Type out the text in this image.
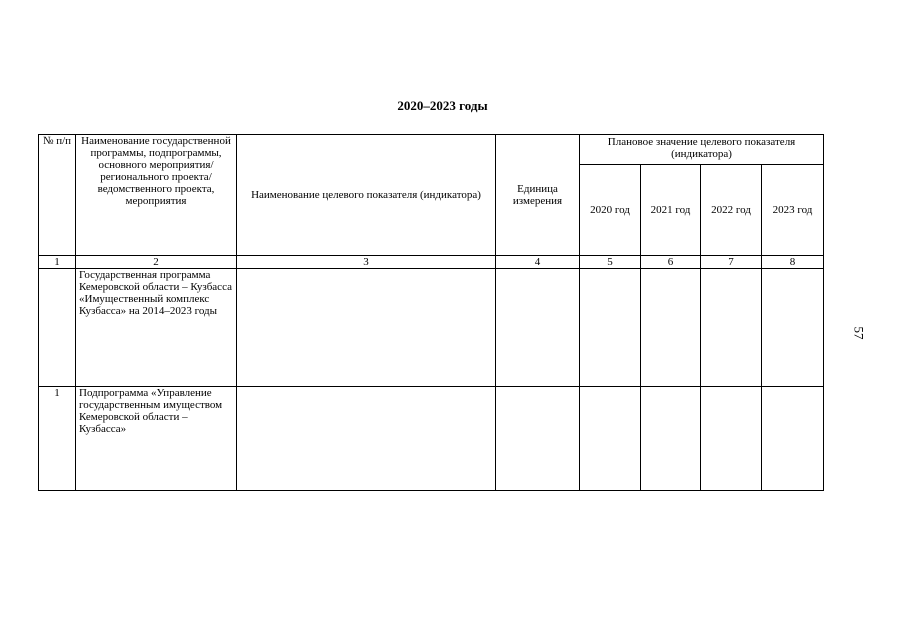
2020–2023 годы
№ п/п	Наименование государственной программы, подпрограммы, основного мероприятия/ регионального проекта/ ведомственного проекта, мероприятия	Наименование целевого показателя (индикатора)	Единица измерения	Плановое значение целевого показателя (индикатора)			
				2020 год	2021 год	2022 год	2023 год
1	2	3	4	5	6	7	8
	Государственная программа Кемеровской области – Кузбасса «Имущественный комплекс Кузбасса» на 2014–2023 годы						
1	Подпрограмма «Управление государственным имуществом Кемеровской области – Кузбасса»						
57
